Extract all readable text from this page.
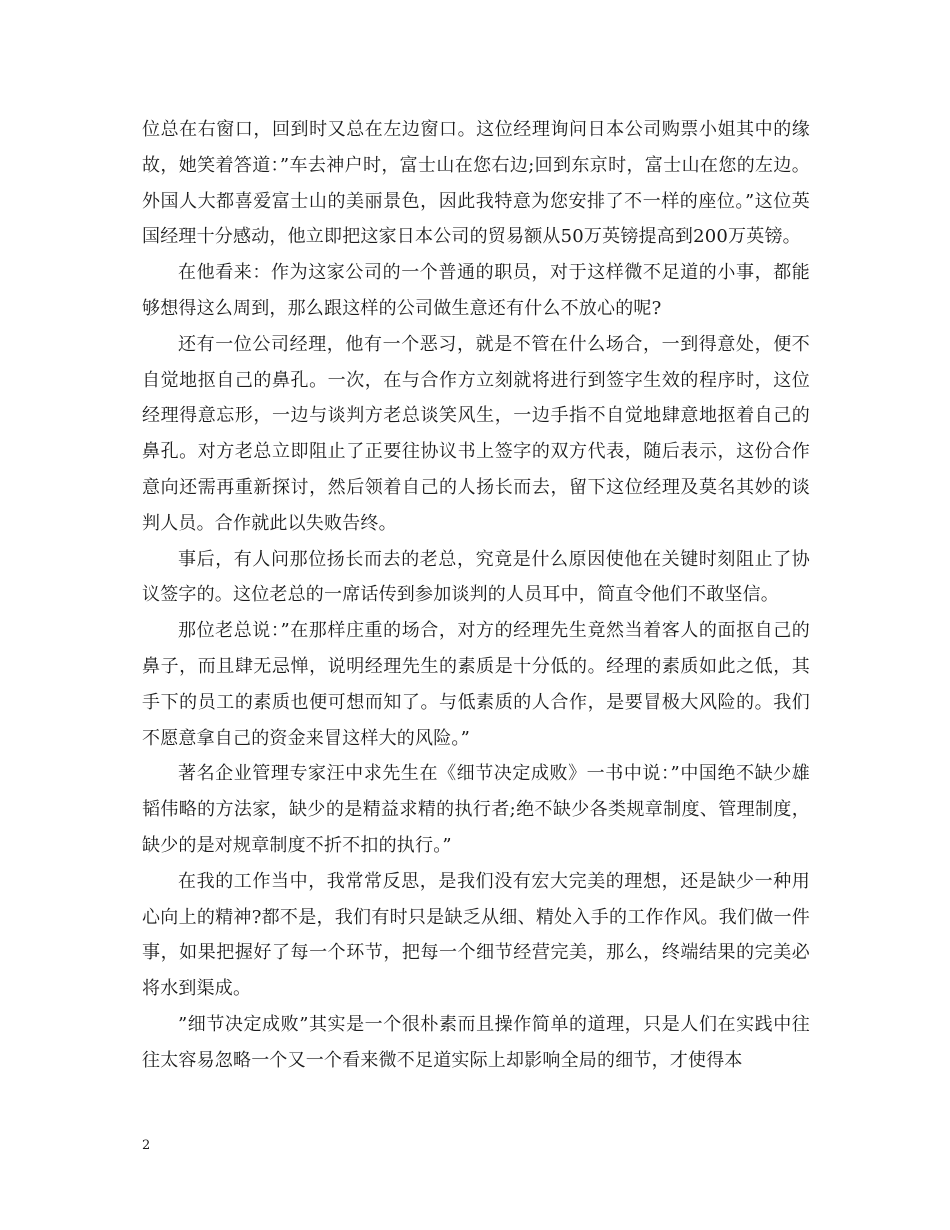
位总在右窗口，回到时又总在左边窗口。这位经理询问日本公司购票小姐其中的缘故，她笑着答道：”车去神户时，富士山在您右边;回到东京时，富士山在您的左边。外国人大都喜爱富士山的美丽景色，因此我特意为您安排了不一样的座位。”这位英国经理十分感动，他立即把这家日本公司的贸易额从50万英镑提高到200万英镑。

在他看来：作为这家公司的一个普通的职员，对于这样微不足道的小事，都能够想得这么周到，那么跟这样的公司做生意还有什么不放心的呢?

还有一位公司经理，他有一个恶习，就是不管在什么场合，一到得意处，便不自觉地抠自己的鼻孔。一次，在与合作方立刻就将进行到签字生效的程序时，这位经理得意忘形，一边与谈判方老总谈笑风生，一边手指不自觉地肆意地抠着自己的鼻孔。对方老总立即阻止了正要往协议书上签字的双方代表，随后表示，这份合作意向还需再重新探讨，然后领着自己的人扬长而去，留下这位经理及莫名其妙的谈判人员。合作就此以失败告终。

事后，有人问那位扬长而去的老总，究竟是什么原因使他在关键时刻阻止了协议签字的。这位老总的一席话传到参加谈判的人员耳中，简直令他们不敢坚信。

那位老总说：”在那样庄重的场合，对方的经理先生竟然当着客人的面抠自己的鼻子，而且肆无忌惮，说明经理先生的素质是十分低的。经理的素质如此之低，其手下的员工的素质也便可想而知了。与低素质的人合作，是要冒极大风险的。我们不愿意拿自己的资金来冒这样大的风险。”

著名企业管理专家汪中求先生在《细节决定成败》一书中说：”中国绝不缺少雄韬伟略的方法家，缺少的是精益求精的执行者;绝不缺少各类规章制度、管理制度，缺少的是对规章制度不折不扣的执行。”

在我的工作当中，我常常反思，是我们没有宏大完美的理想，还是缺少一种用心向上的精神?都不是，我们有时只是缺乏从细、精处入手的工作作风。我们做一件事，如果把握好了每一个环节，把每一个细节经营完美，那么，终端结果的完美必将水到渠成。

”细节决定成败”其实是一个很朴素而且操作简单的道理，只是人们在实践中往往太容易忽略一个又一个看来微不足道实际上却影响全局的细节，才使得本

2
